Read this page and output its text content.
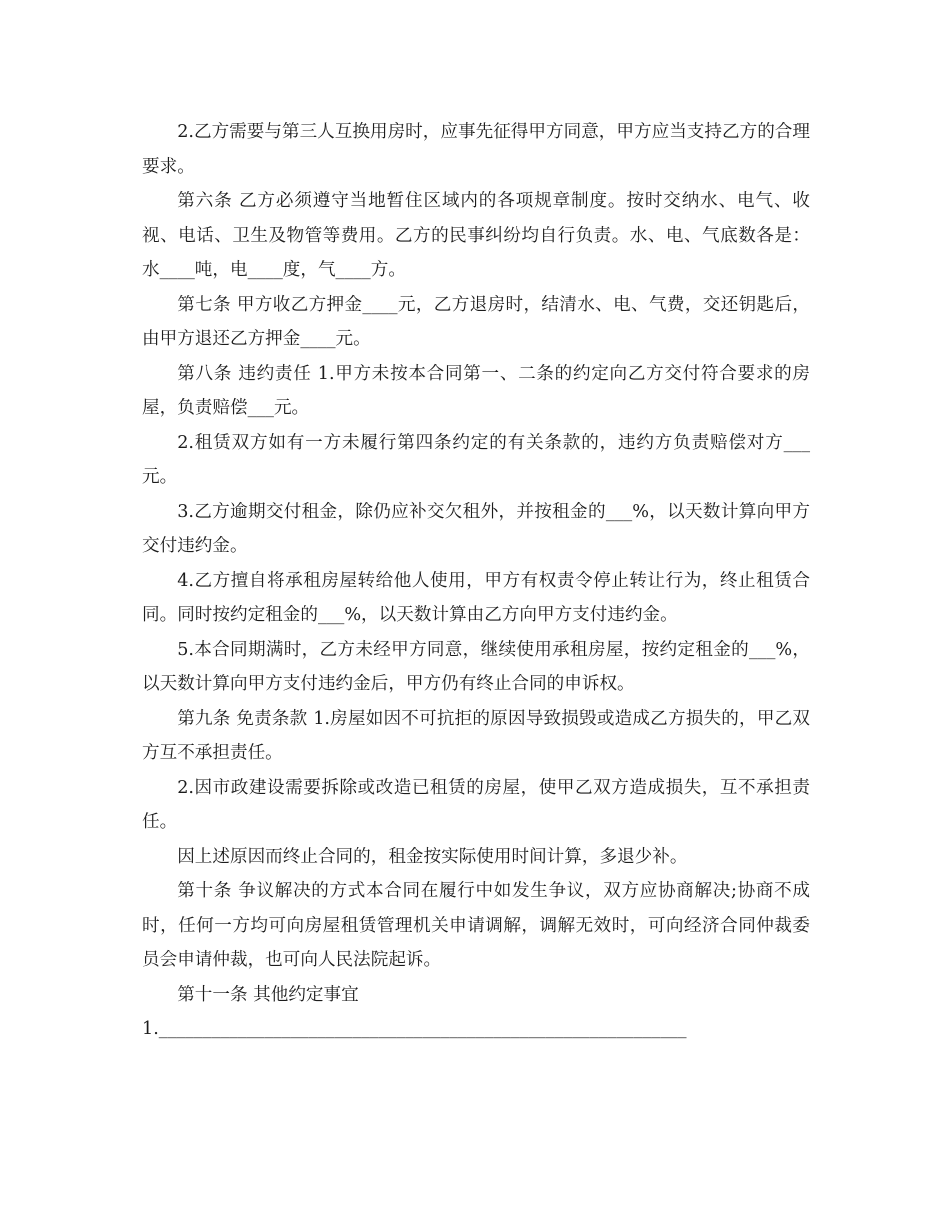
2.乙方需要与第三人互换用房时，应事先征得甲方同意，甲方应当支持乙方的合理要求。

第六条 乙方必须遵守当地暂住区域内的各项规章制度。按时交纳水、电气、收视、电话、卫生及物管等费用。乙方的民事纠纷均自行负责。水、电、气底数各是：水____吨，电____度，气____方。

第七条 甲方收乙方押金____元，乙方退房时，结清水、电、气费，交还钥匙后，由甲方退还乙方押金____元。

第八条 违约责任 1.甲方未按本合同第一、二条的约定向乙方交付符合要求的房屋，负责赔偿___元。

2.租赁双方如有一方未履行第四条约定的有关条款的，违约方负责赔偿对方___元。

3.乙方逾期交付租金，除仍应补交欠租外，并按租金的___%，以天数计算向甲方交付违约金。

4.乙方擅自将承租房屋转给他人使用，甲方有权责令停止转让行为，终止租赁合同。同时按约定租金的___%，以天数计算由乙方向甲方支付违约金。

5.本合同期满时，乙方未经甲方同意，继续使用承租房屋，按约定租金的___%，以天数计算向甲方支付违约金后，甲方仍有终止合同的申诉权。

第九条 免责条款 1.房屋如因不可抗拒的原因导致损毁或造成乙方损失的，甲乙双方互不承担责任。

2.因市政建设需要拆除或改造已租赁的房屋，使甲乙双方造成损失，互不承担责任。

因上述原因而终止合同的，租金按实际使用时间计算，多退少补。

第十条 争议解决的方式本合同在履行中如发生争议，双方应协商解决;协商不成时，任何一方均可向房屋租赁管理机关申请调解，调解无效时，可向经济合同仲裁委员会申请仲裁，也可向人民法院起诉。

第十一条 其他约定事宜

1.____________________________________________________________
